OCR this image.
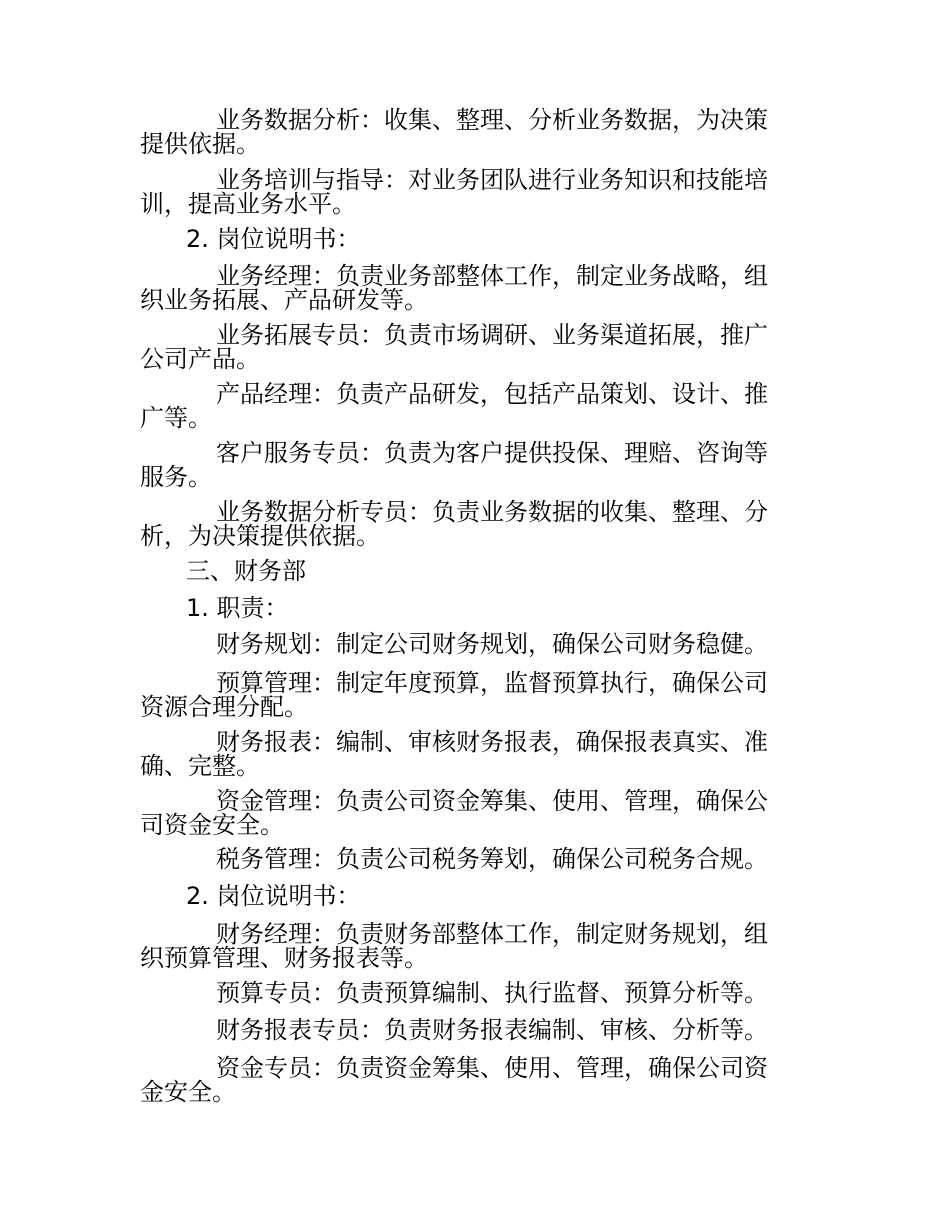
业务数据分析：收集、整理、分析业务数据，为决策提供依据。
业务培训与指导：对业务团队进行业务知识和技能培训，提高业务水平。
2. 岗位说明书：
业务经理：负责业务部整体工作，制定业务战略，组织业务拓展、产品研发等。
业务拓展专员：负责市场调研、业务渠道拓展，推广公司产品。
产品经理：负责产品研发，包括产品策划、设计、推广等。
客户服务专员：负责为客户提供投保、理赔、咨询等服务。
业务数据分析专员：负责业务数据的收集、整理、分析，为决策提供依据。
三、财务部
1. 职责：
财务规划：制定公司财务规划，确保公司财务稳健。
预算管理：制定年度预算，监督预算执行，确保公司资源合理分配。
财务报表：编制、审核财务报表，确保报表真实、准确、完整。
资金管理：负责公司资金筹集、使用、管理，确保公司资金安全。
税务管理：负责公司税务筹划，确保公司税务合规。
2. 岗位说明书：
财务经理：负责财务部整体工作，制定财务规划，组织预算管理、财务报表等。
预算专员：负责预算编制、执行监督、预算分析等。
财务报表专员：负责财务报表编制、审核、分析等。
资金专员：负责资金筹集、使用、管理，确保公司资金安全。
